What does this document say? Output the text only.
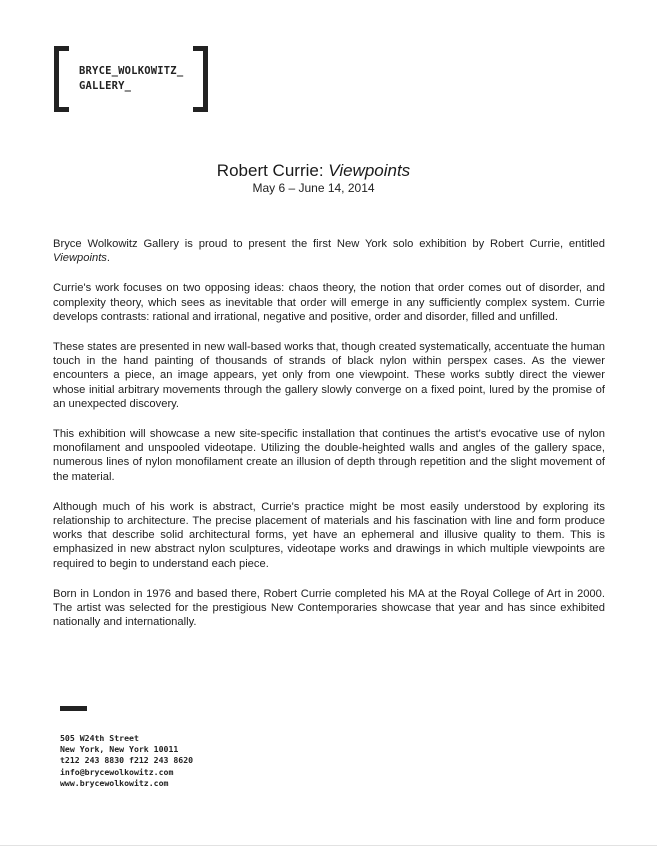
BRYCE_WOLKOWITZ_
GALLERY_
Robert Currie: Viewpoints
May 6 – June 14, 2014

Bryce Wolkowitz Gallery is proud to present the first New York solo exhibition by Robert Currie, entitled Viewpoints.

Currie's work focuses on two opposing ideas: chaos theory, the notion that order comes out of disorder, and complexity theory, which sees as inevitable that order will emerge in any sufficiently complex system. Currie develops contrasts: rational and irrational, negative and positive, order and disorder, filled and unfilled.

These states are presented in new wall-based works that, though created systematically, accentuate the human touch in the hand painting of thousands of strands of black nylon within perspex cases. As the viewer encounters a piece, an image appears, yet only from one viewpoint. These works subtly direct the viewer whose initial arbitrary movements through the gallery slowly converge on a fixed point, lured by the promise of an unexpected discovery.

This exhibition will showcase a new site-specific installation that continues the artist's evocative use of nylon monofilament and unspooled videotape. Utilizing the double-heighted walls and angles of the gallery space, numerous lines of nylon monofilament create an illusion of depth through repetition and the slight movement of the material.

Although much of his work is abstract, Currie's practice might be most easily understood by exploring its relationship to architecture. The precise placement of materials and his fascination with line and form produce works that describe solid architectural forms, yet have an ephemeral and illusive quality to them. This is emphasized in new abstract nylon sculptures, videotape works and drawings in which multiple viewpoints are required to begin to understand each piece.

Born in London in 1976 and based there, Robert Currie completed his MA at the Royal College of Art in 2000. The artist was selected for the prestigious New Contemporaries showcase that year and has since exhibited nationally and internationally.

505 W24th Street
New York, New York 10011
t212 243 8830 f212 243 8620
info@brycewolkowitz.com
www.brycewolkowitz.com
